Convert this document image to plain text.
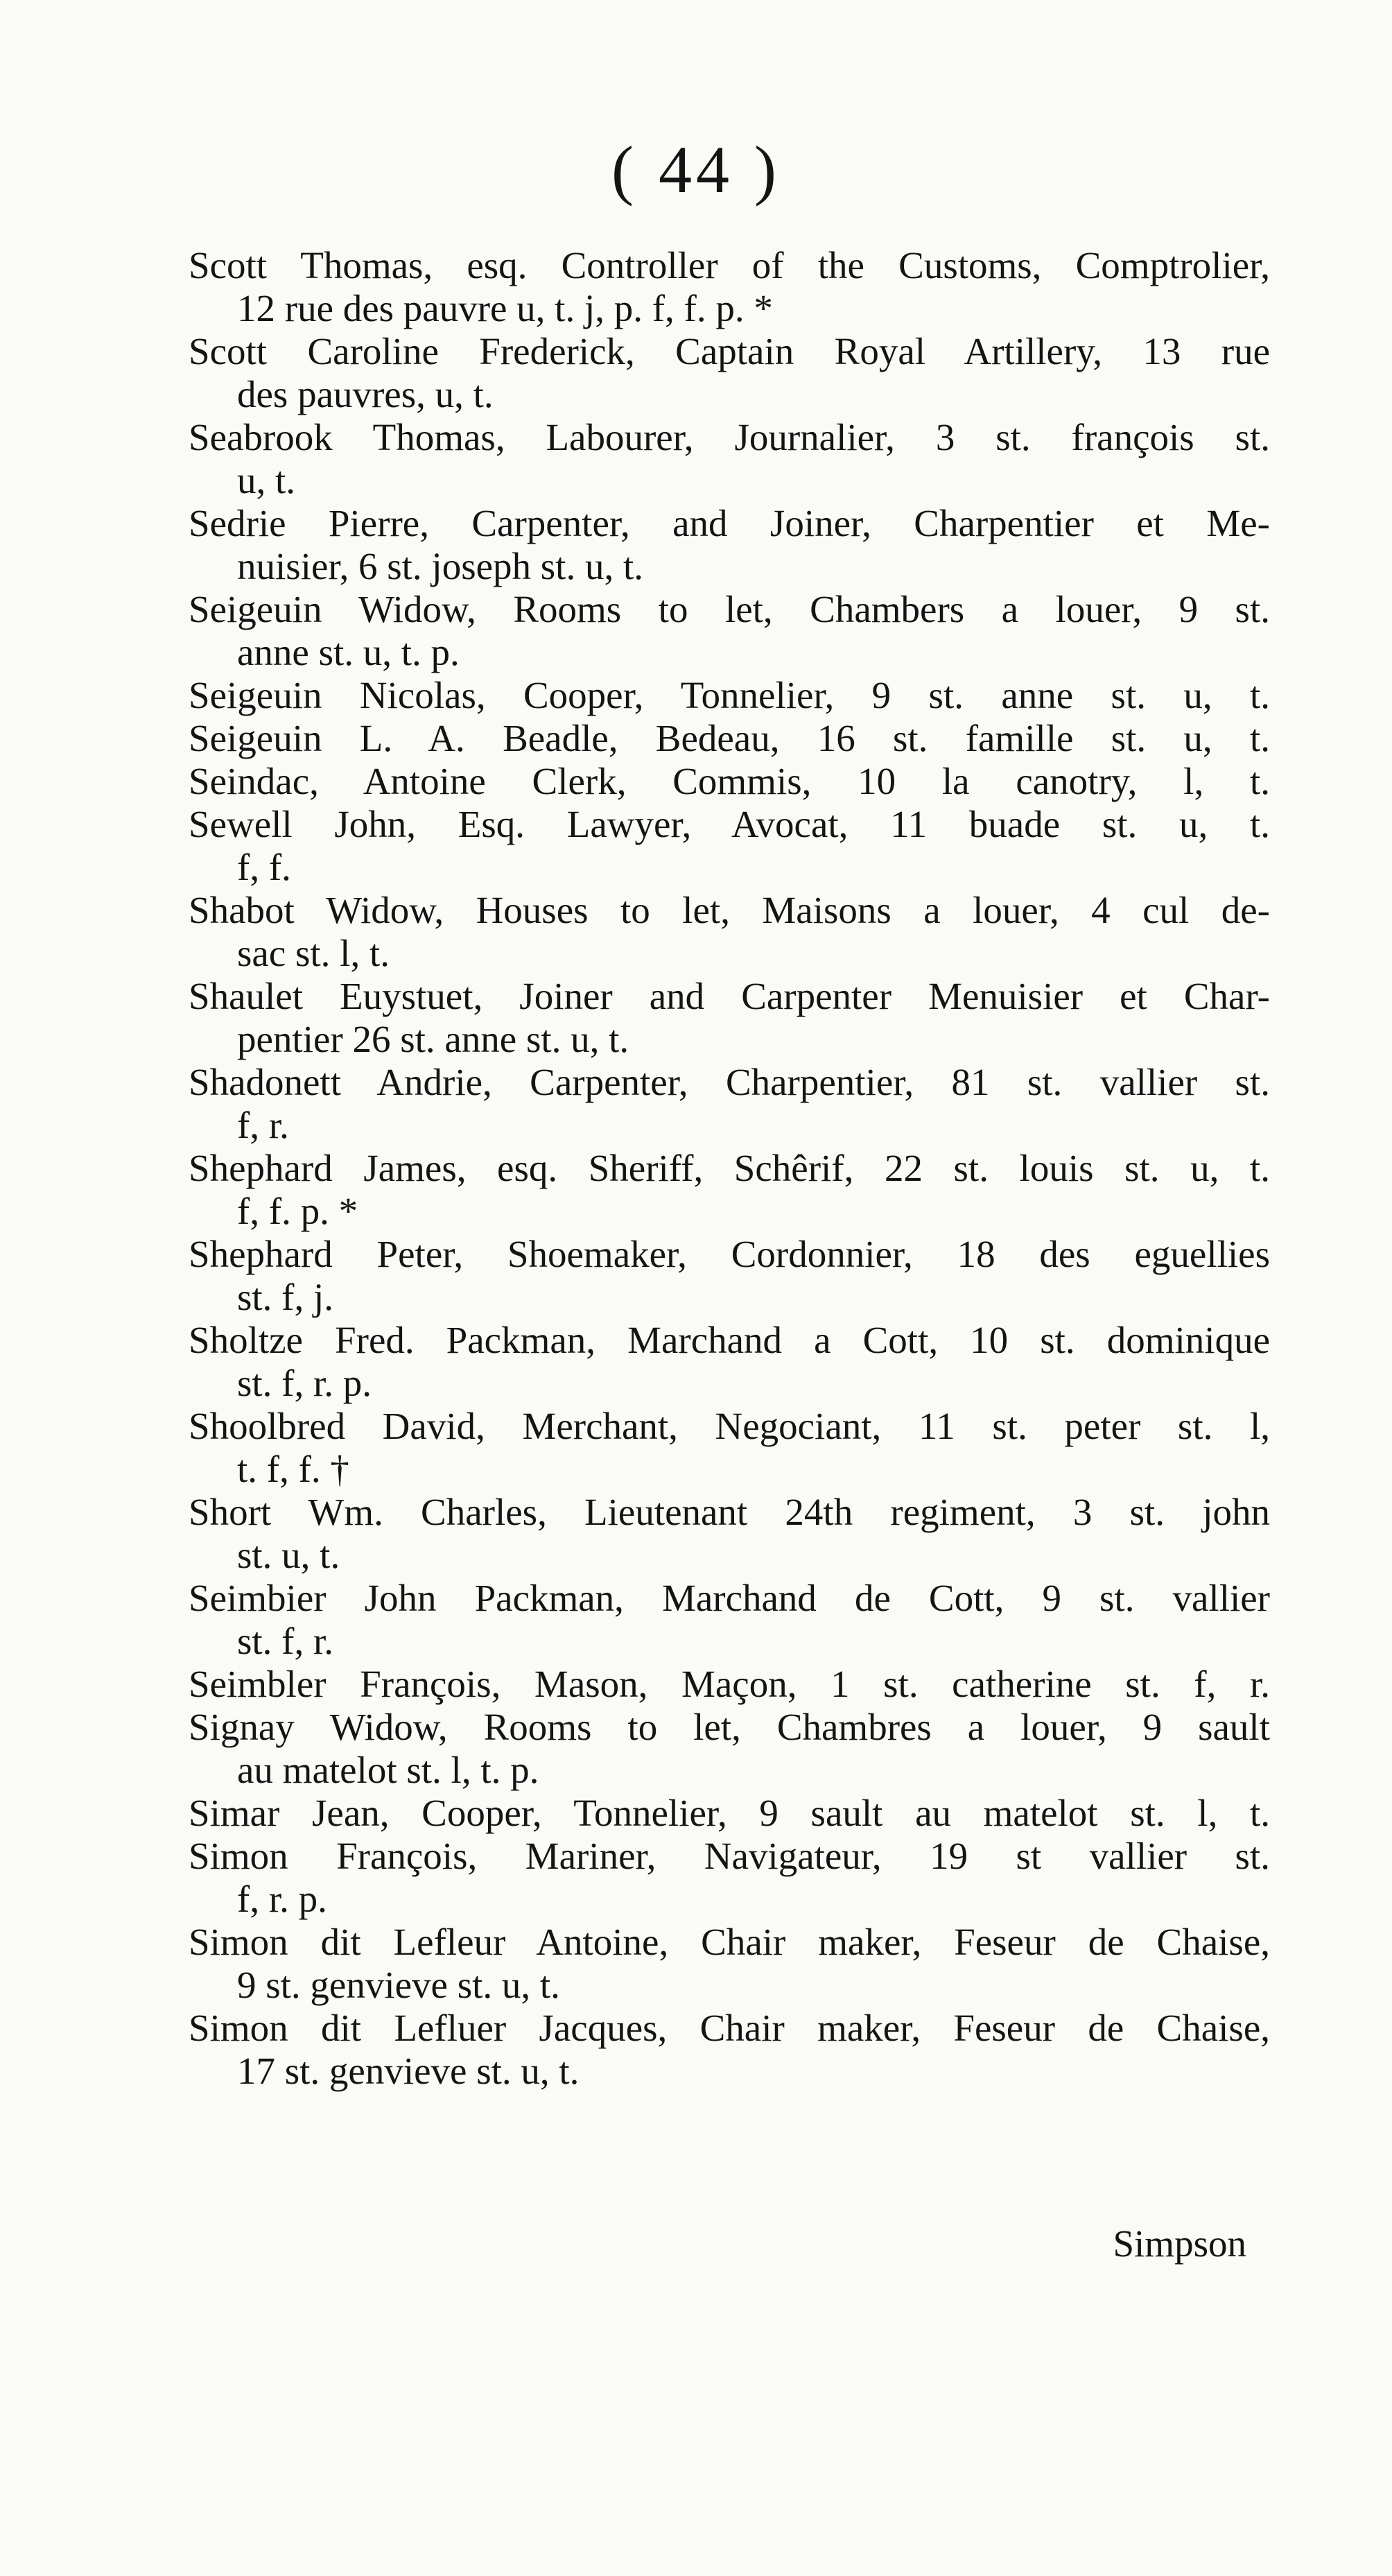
( 44 )
Scott Thomas, esq. Controller of the Customs, Comptrolier,
12 rue des pauvre u, t. j, p. f, f. p. *
Scott Caroline Frederick, Captain Royal Artillery, 13 rue
des pauvres, u, t.
Seabrook Thomas, Labourer, Journalier, 3 st. françois st.
u, t.
Sedrie Pierre, Carpenter, and Joiner, Charpentier et Me-
nuisier, 6 st. joseph st. u, t.
Seigeuin Widow, Rooms to let, Chambers a louer, 9 st.
anne st. u, t. p.
Seigeuin Nicolas, Cooper, Tonnelier, 9 st. anne st. u, t.
Seigeuin L. A. Beadle, Bedeau, 16 st. famille st. u, t.
Seindac, Antoine Clerk, Commis, 10 la canotry, l, t.
Sewell John, Esq. Lawyer, Avocat, 11 buade st. u, t.
f, f.
Shabot Widow, Houses to let, Maisons a louer, 4 cul de-
sac st. l, t.
Shaulet Euystuet, Joiner and Carpenter Menuisier et Char-
pentier 26 st. anne st. u, t.
Shadonett Andrie, Carpenter, Charpentier, 81 st. vallier st.
f, r.
Shephard James, esq. Sheriff, Schêrif, 22 st. louis st. u, t.
f, f. p. *
Shephard Peter, Shoemaker, Cordonnier, 18 des eguellies
st. f, j.
Sholtze Fred. Packman, Marchand a Cott, 10 st. dominique
st. f, r. p.
Shoolbred David, Merchant, Negociant, 11 st. peter st. l,
t. f, f. †
Short Wm. Charles, Lieutenant 24th regiment, 3 st. john
st. u, t.
Seimbier John Packman, Marchand de Cott, 9 st. vallier
st. f, r.
Seimbler François, Mason, Maçon, 1 st. catherine st. f, r.
Signay Widow, Rooms to let, Chambres a louer, 9 sault
au matelot st. l, t. p.
Simar Jean, Cooper, Tonnelier, 9 sault au matelot st. l, t.
Simon François, Mariner, Navigateur, 19 st vallier st.
f, r. p.
Simon dit Lefleur Antoine, Chair maker, Feseur de Chaise,
9 st. genvieve st. u, t.
Simon dit Lefluer Jacques, Chair maker, Feseur de Chaise,
17 st. genvieve st. u, t.
Simpson
